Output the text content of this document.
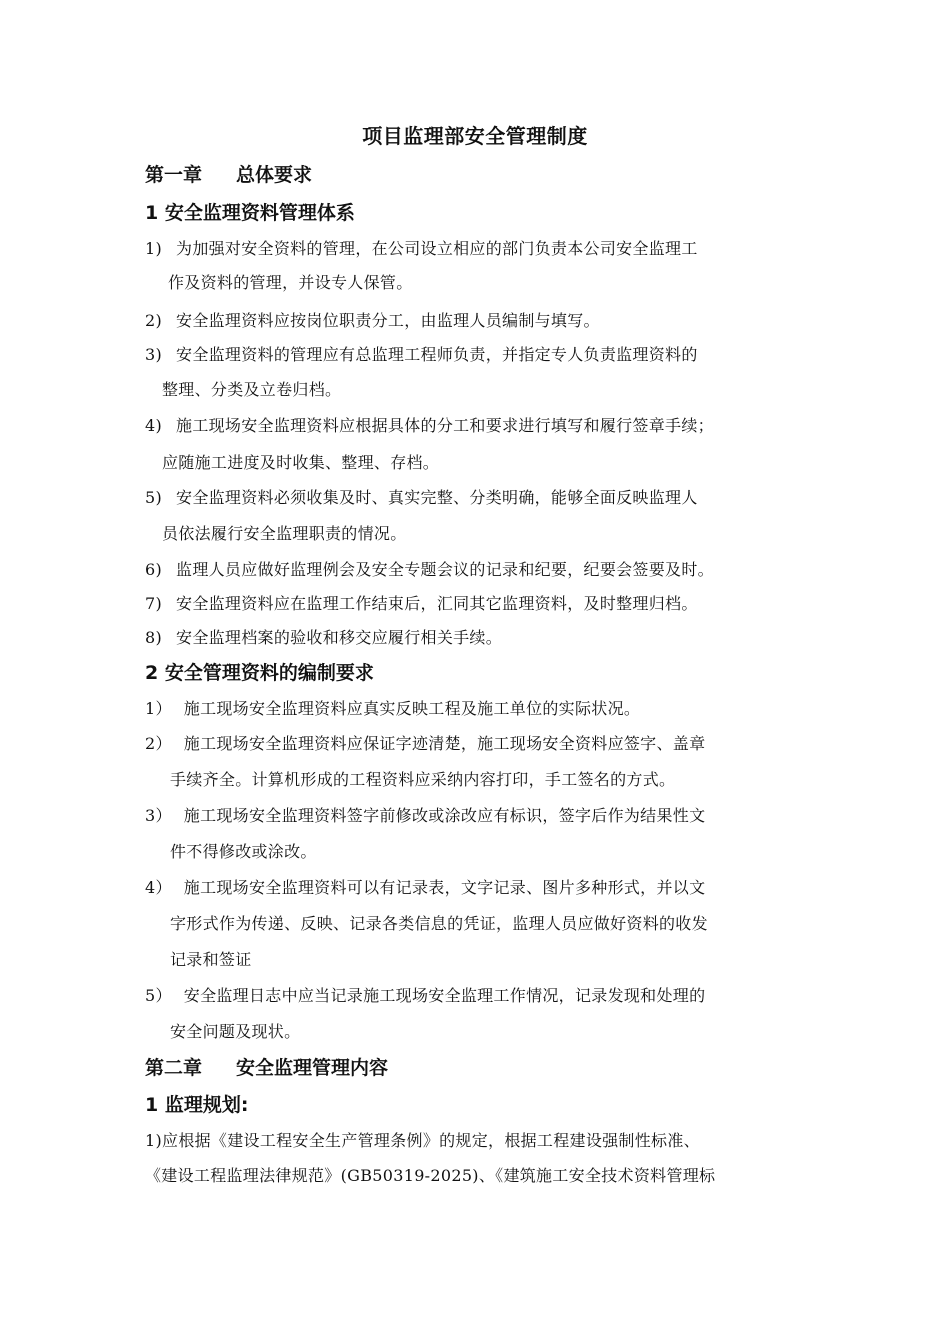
项目监理部安全管理制度
第一章 总体要求
1 安全监理资料管理体系
1) 为加强对安全资料的管理，在公司设立相应的部门负责本公司安全监理工
作及资料的管理，并设专人保管。
2) 安全监理资料应按岗位职责分工，由监理人员编制与填写。
3) 安全监理资料的管理应有总监理工程师负责，并指定专人负责监理资料的
整理、分类及立卷归档。
4) 施工现场安全监理资料应根据具体的分工和要求进行填写和履行签章手续；
应随施工进度及时收集、整理、存档。
5) 安全监理资料必须收集及时、真实完整、分类明确，能够全面反映监理人
员依法履行安全监理职责的情况。
6) 监理人员应做好监理例会及安全专题会议的记录和纪要，纪要会签要及时。
7) 安全监理资料应在监理工作结束后，汇同其它监理资料，及时整理归档。
8) 安全监理档案的验收和移交应履行相关手续。
2 安全管理资料的编制要求
1） 施工现场安全监理资料应真实反映工程及施工单位的实际状况。
2） 施工现场安全监理资料应保证字迹清楚，施工现场安全资料应签字、盖章
手续齐全。计算机形成的工程资料应采纳内容打印，手工签名的方式。
3） 施工现场安全监理资料签字前修改或涂改应有标识，签字后作为结果性文
件不得修改或涂改。
4） 施工现场安全监理资料可以有记录表，文字记录、图片多种形式，并以文
字形式作为传递、反映、记录各类信息的凭证，监理人员应做好资料的收发
记录和签证
5） 安全监理日志中应当记录施工现场安全监理工作情况，记录发现和处理的
安全问题及现状。
第二章 安全监理管理内容
1 监理规划:
1)应根据《建设工程安全生产管理条例》的规定，根据工程建设强制性标准、
《建设工程监理法律规范》(GB50319-2025)、《建筑施工安全技术资料管理标
